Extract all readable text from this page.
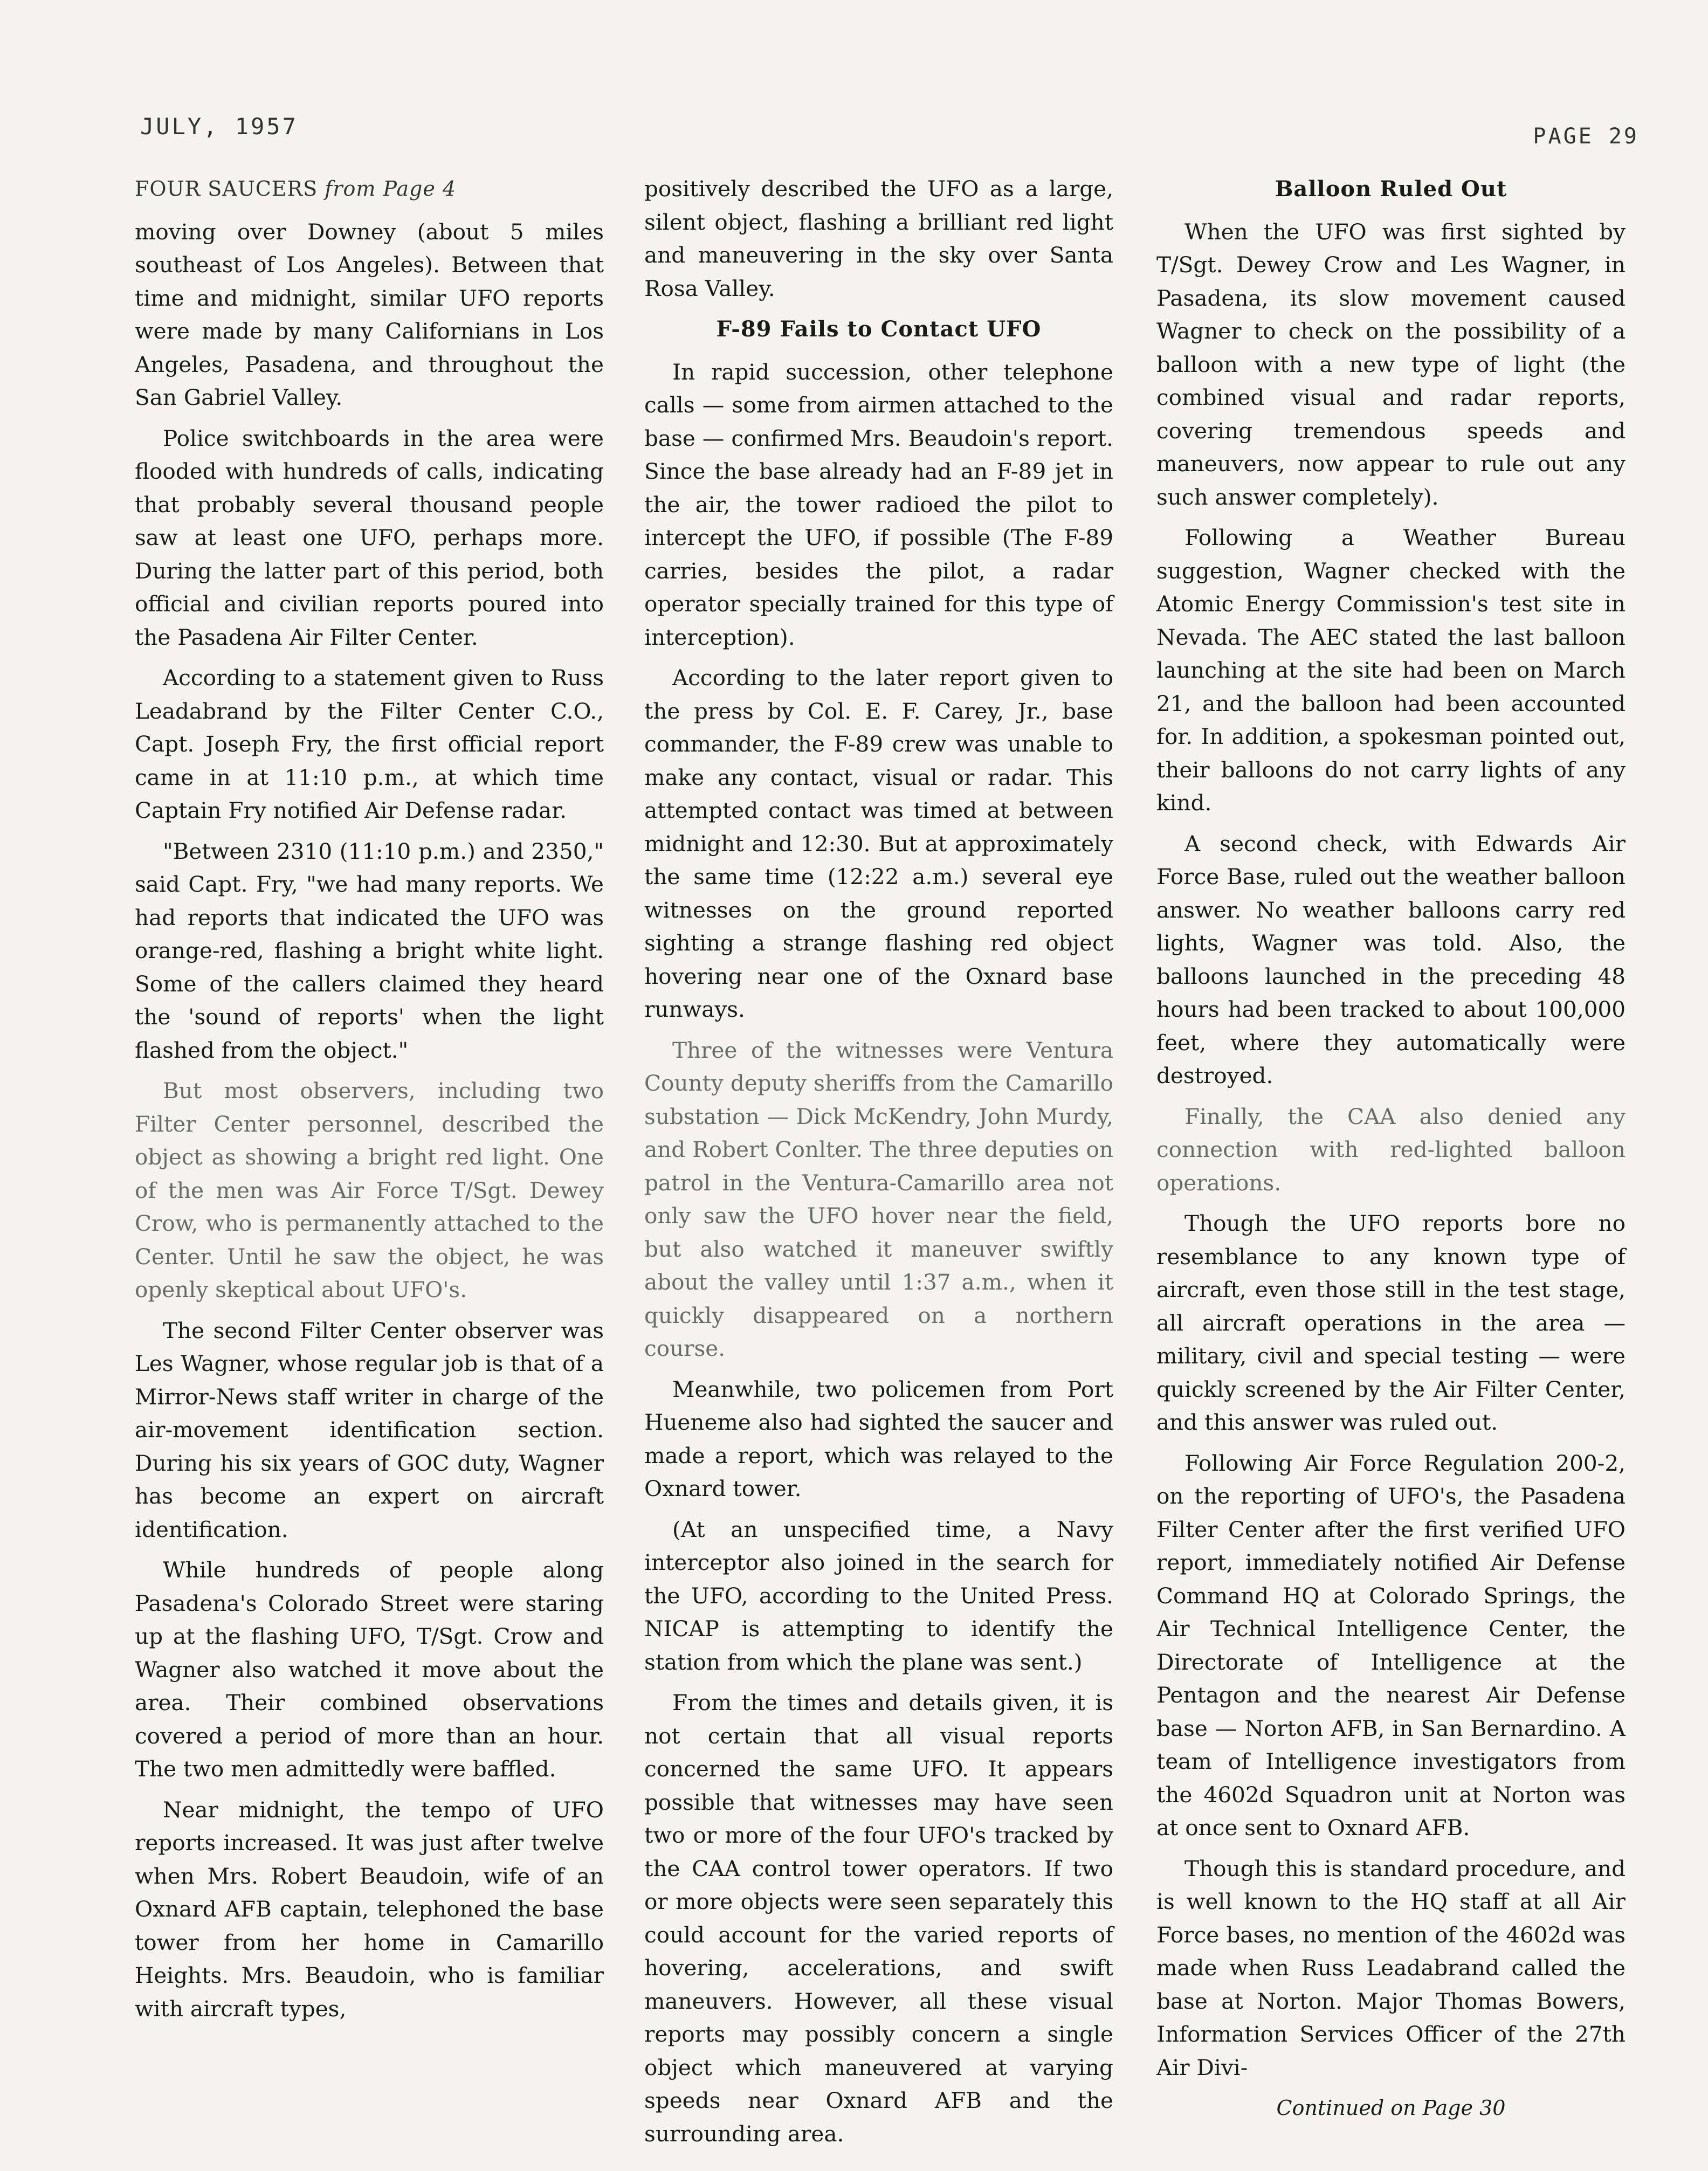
JULY, 1957	PAGE 29
FOUR SAUCERS from Page 4

moving over Downey (about 5 miles southeast of Los Angeles). Between that time and midnight, similar UFO reports were made by many Californians in Los Angeles, Pasadena, and throughout the San Gabriel Valley.

Police switchboards in the area were flooded with hundreds of calls, indicating that probably several thousand people saw at least one UFO, perhaps more. During the latter part of this period, both official and civilian reports poured into the Pasadena Air Filter Center.

According to a statement given to Russ Leadabrand by the Filter Center C.O., Capt. Joseph Fry, the first official report came in at 11:10 p.m., at which time Captain Fry notified Air Defense radar.

"Between 2310 (11:10 p.m.) and 2350," said Capt. Fry, "we had many reports. We had reports that indicated the UFO was orange-red, flashing a bright white light. Some of the callers claimed they heard the 'sound of reports' when the light flashed from the object."

But most observers, including two Filter Center personnel, described the object as showing a bright red light. One of the men was Air Force T/Sgt. Dewey Crow, who is permanently attached to the Center. Until he saw the object, he was openly skeptical about UFO's.

The second Filter Center observer was Les Wagner, whose regular job is that of a Mirror-News staff writer in charge of the air-movement identification section. During his six years of GOC duty, Wagner has become an expert on aircraft identification.

While hundreds of people along Pasadena's Colorado Street were staring up at the flashing UFO, T/Sgt. Crow and Wagner also watched it move about the area. Their combined observations covered a period of more than an hour. The two men admittedly were baffled.

Near midnight, the tempo of UFO reports increased. It was just after twelve when Mrs. Robert Beaudoin, wife of an Oxnard AFB captain, telephoned the base tower from her home in Camarillo Heights. Mrs. Beaudoin, who is familiar with aircraft types,

positively described the UFO as a large, silent object, flashing a brilliant red light and maneuvering in the sky over Santa Rosa Valley.

F-89 Fails to Contact UFO

In rapid succession, other telephone calls — some from airmen attached to the base — confirmed Mrs. Beaudoin's report. Since the base already had an F-89 jet in the air, the tower radioed the pilot to intercept the UFO, if possible (The F-89 carries, besides the pilot, a radar operator specially trained for this type of interception).

According to the later report given to the press by Col. E. F. Carey, Jr., base commander, the F-89 crew was unable to make any contact, visual or radar. This attempted contact was timed at between midnight and 12:30. But at approximately the same time (12:22 a.m.) several eye witnesses on the ground reported sighting a strange flashing red object hovering near one of the Oxnard base runways.

Three of the witnesses were Ventura County deputy sheriffs from the Camarillo substation — Dick McKendry, John Murdy, and Robert Conlter. The three deputies on patrol in the Ventura-Camarillo area not only saw the UFO hover near the field, but also watched it maneuver swiftly about the valley until 1:37 a.m., when it quickly disappeared on a northern course.

Meanwhile, two policemen from Port Hueneme also had sighted the saucer and made a report, which was relayed to the Oxnard tower.

(At an unspecified time, a Navy interceptor also joined in the search for the UFO, according to the United Press. NICAP is attempting to identify the station from which the plane was sent.)

From the times and details given, it is not certain that all visual reports concerned the same UFO. It appears possible that witnesses may have seen two or more of the four UFO's tracked by the CAA control tower operators. If two or more objects were seen separately this could account for the varied reports of hovering, accelerations, and swift maneuvers. However, all these visual reports may possibly concern a single object which maneuvered at varying speeds near Oxnard AFB and the surrounding area.

Balloon Ruled Out

When the UFO was first sighted by T/Sgt. Dewey Crow and Les Wagner, in Pasadena, its slow movement caused Wagner to check on the possibility of a balloon with a new type of light (the combined visual and radar reports, covering tremendous speeds and maneuvers, now appear to rule out any such answer completely).

Following a Weather Bureau suggestion, Wagner checked with the Atomic Energy Commission's test site in Nevada. The AEC stated the last balloon launching at the site had been on March 21, and the balloon had been accounted for. In addition, a spokesman pointed out, their balloons do not carry lights of any kind.

A second check, with Edwards Air Force Base, ruled out the weather balloon answer. No weather balloons carry red lights, Wagner was told. Also, the balloons launched in the preceding 48 hours had been tracked to about 100,000 feet, where they automatically were destroyed.

Finally, the CAA also denied any connection with red-lighted balloon operations.

Though the UFO reports bore no resemblance to any known type of aircraft, even those still in the test stage, all aircraft operations in the area — military, civil and special testing — were quickly screened by the Air Filter Center, and this answer was ruled out.

Following Air Force Regulation 200-2, on the reporting of UFO's, the Pasadena Filter Center after the first verified UFO report, immediately notified Air Defense Command HQ at Colorado Springs, the Air Technical Intelligence Center, the Directorate of Intelligence at the Pentagon and the nearest Air Defense base — Norton AFB, in San Bernardino. A team of Intelligence investigators from the 4602d Squadron unit at Norton was at once sent to Oxnard AFB.

Though this is standard procedure, and is well known to the HQ staff at all Air Force bases, no mention of the 4602d was made when Russ Leadabrand called the base at Norton. Major Thomas Bowers, Information Services Officer of the 27th Air Divi-

Continued on Page 30
